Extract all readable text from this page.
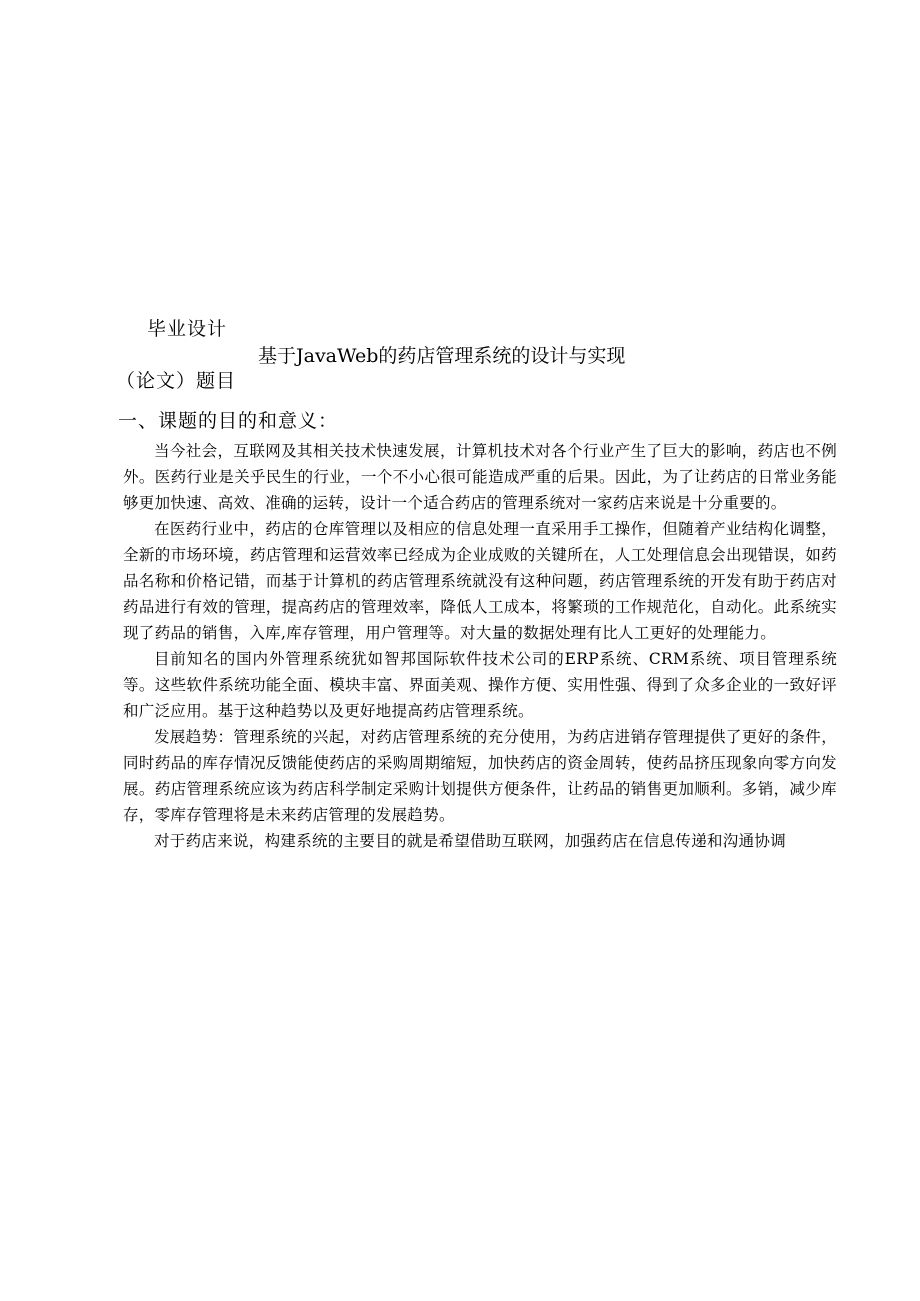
毕业设计
基于JavaWeb的药店管理系统的设计与实现
（论文）题目
一、课题的目的和意义：

当今社会，互联网及其相关技术快速发展，计算机技术对各个行业产生了巨大的影响，药店也不例外。医药行业是关乎民生的行业，一个不小心很可能造成严重的后果。因此，为了让药店的日常业务能够更加快速、高效、准确的运转，设计一个适合药店的管理系统对一家药店来说是十分重要的。

在医药行业中，药店的仓库管理以及相应的信息处理一直采用手工操作，但随着产业结构化调整，全新的市场环境，药店管理和运营效率已经成为企业成败的关键所在，人工处理信息会出现错误，如药品名称和价格记错，而基于计算机的药店管理系统就没有这种问题，药店管理系统的开发有助于药店对药品进行有效的管理，提高药店的管理效率，降低人工成本，将繁琐的工作规范化，自动化。此系统实现了药品的销售，入库,库存管理，用户管理等。对大量的数据处理有比人工更好的处理能力。

目前知名的国内外管理系统犹如智邦国际软件技术公司的ERP系统、CRM系统、项目管理系统等。这些软件系统功能全面、模块丰富、界面美观、操作方便、实用性强、得到了众多企业的一致好评和广泛应用。基于这种趋势以及更好地提高药店管理系统。

发展趋势：管理系统的兴起，对药店管理系统的充分使用，为药店进销存管理提供了更好的条件，同时药品的库存情况反馈能使药店的采购周期缩短，加快药店的资金周转，使药品挤压现象向零方向发展。药店管理系统应该为药店科学制定采购计划提供方便条件，让药品的销售更加顺利。多销，减少库存，零库存管理将是未来药店管理的发展趋势。

对于药店来说，构建系统的主要目的就是希望借助互联网，加强药店在信息传递和沟通协调
